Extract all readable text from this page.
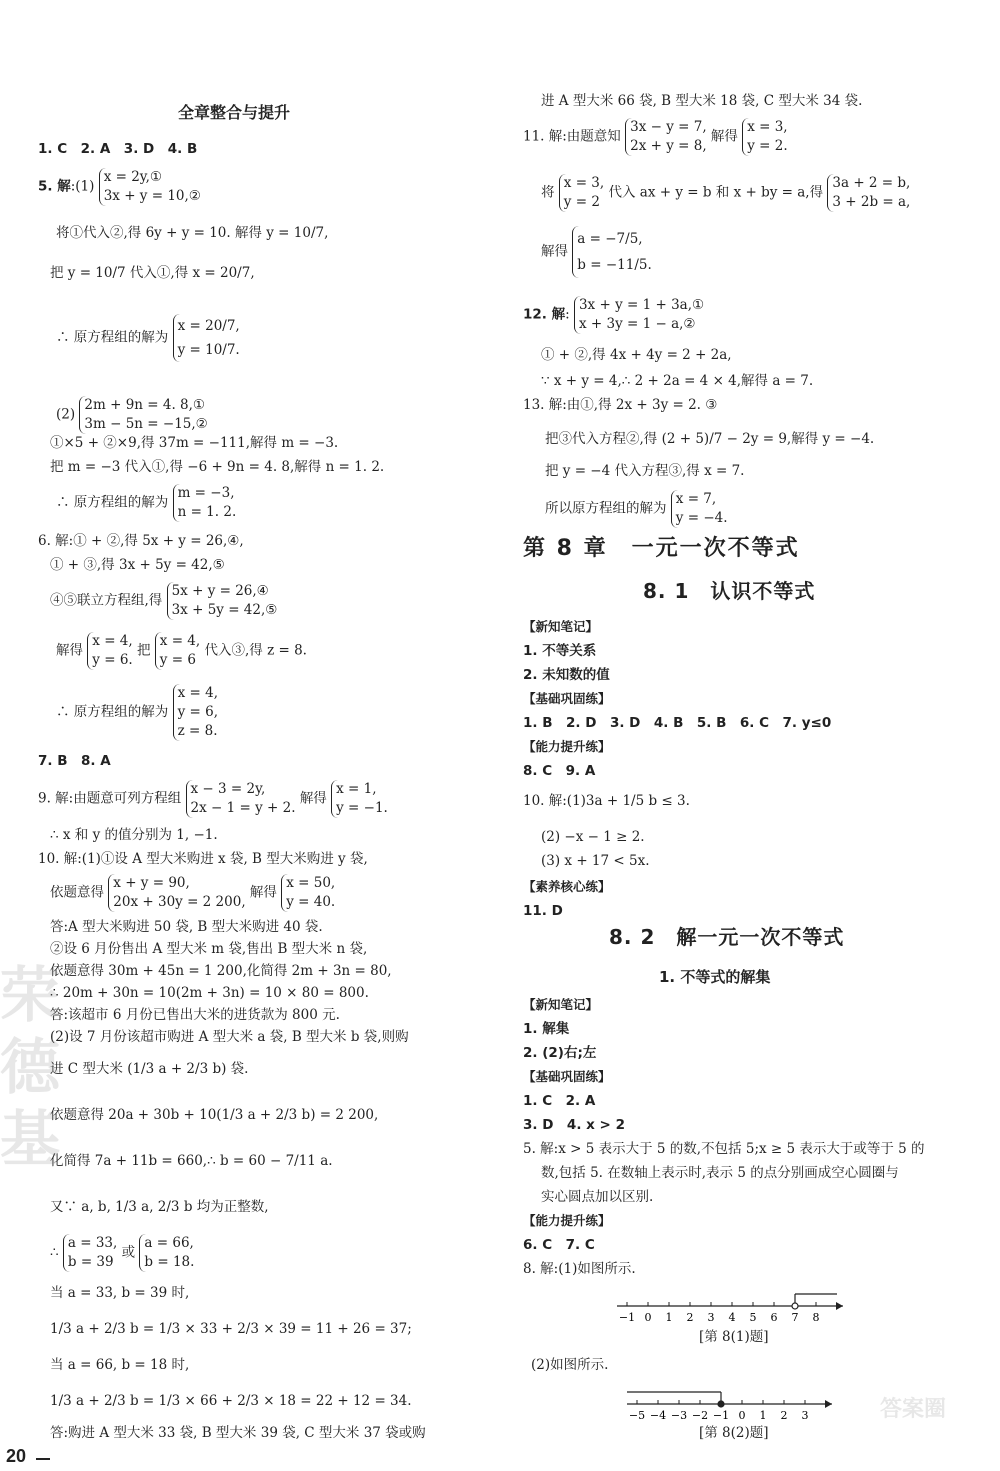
全章整合与提升
1. C　2. A　3. D　4. B
5. 解:(1) x = 2y,①
3x + y = 10,②
将①代入②,得 6y + y = 10. 解得 y = 10/7,
把 y = 10/7 代入①,得 x = 20/7,
∴ 原方程组的解为 x = 20/7,
y = 10/7.
(2) 2m + 9n = 4. 8,①
3m − 5n = −15,②
①×5 + ②×9,得 37m = −111,解得 m = −3.
把 m = −3 代入①,得 −6 + 9n = 4. 8,解得 n = 1. 2.
∴ 原方程组的解为 m = −3,
n = 1. 2.
6. 解:① + ②,得 5x + y = 26,④,
① + ③,得 3x + 5y = 42,⑤
④⑤联立方程组,得 5x + y = 26,④
3x + 5y = 42,⑤
解得 x = 4,
y = 6. 把 x = 4,
y = 6 代入③,得 z = 8.
∴ 原方程组的解为 x = 4,
y = 6,
z = 8.
7. B　8. A
9. 解:由题意可列方程组 x − 3 = 2y,
2x − 1 = y + 2. 解得 x = 1,
y = −1.
∴ x 和 y 的值分别为 1, −1.
10. 解:(1)①设 A 型大米购进 x 袋, B 型大米购进 y 袋,
依题意得 x + y = 90,
20x + 30y = 2 200, 解得 x = 50,
y = 40.
答:A 型大米购进 50 袋, B 型大米购进 40 袋.
②设 6 月份售出 A 型大米 m 袋,售出 B 型大米 n 袋,
依题意得 30m + 45n = 1 200,化简得 2m + 3n = 80,
∴ 20m + 30n = 10(2m + 3n) = 10 × 80 = 800.
答:该超市 6 月份已售出大米的进货款为 800 元.
(2)设 7 月份该超市购进 A 型大米 a 袋, B 型大米 b 袋,则购
进 C 型大米 (1/3 a + 2/3 b) 袋.
依题意得 20a + 30b + 10(1/3 a + 2/3 b) = 2 200,
化简得 7a + 11b = 660,∴ b = 60 − 7/11 a.
又∵ a, b, 1/3 a, 2/3 b 均为正整数,
∴ a = 33,
b = 39 或 a = 66,
b = 18.
当 a = 33, b = 39 时,
1/3 a + 2/3 b = 1/3 × 33 + 2/3 × 39 = 11 + 26 = 37;
当 a = 66, b = 18 时,
1/3 a + 2/3 b = 1/3 × 66 + 2/3 × 18 = 22 + 12 = 34.
答:购进 A 型大米 33 袋, B 型大米 39 袋, C 型大米 37 袋或购
进 A 型大米 66 袋, B 型大米 18 袋, C 型大米 34 袋.
11. 解:由题意知 3x − y = 7,
2x + y = 8, 解得 x = 3,
y = 2.
将 x = 3,
y = 2 代入 ax + y = b 和 x + by = a,得 3a + 2 = b,
3 + 2b = a,
解得 a = −7/5,
b = −11/5.
12. 解: 3x + y = 1 + 3a,①
x + 3y = 1 − a,②
① + ②,得 4x + 4y = 2 + 2a,
∵ x + y = 4,∴ 2 + 2a = 4 × 4,解得 a = 7.
13. 解:由①,得 2x + 3y = 2. ③
把③代入方程②,得 (2 + 5)/7 − 2y = 9,解得 y = −4.
把 y = −4 代入方程③,得 x = 7.
所以原方程组的解为 x = 7,
y = −4.
第 8 章　一元一次不等式
8. 1　认识不等式
【新知笔记】
1. 不等关系
2. 未知数的值
【基础巩固练】
1. B　2. D　3. D　4. B　5. B　6. C　7. y≤0
【能力提升练】
8. C　9. A
10. 解:(1)3a + 1/5 b ≤ 3.
(2) −x − 1 ≥ 2.
(3) x + 17 < 5x.
【素养核心练】
11. D
8. 2　解一元一次不等式
1. 不等式的解集
【新知笔记】
1. 解集
2. (2)右;左
【基础巩固练】
1. C　2. A
3. D　4. x > 2
5. 解:x > 5 表示大于 5 的数,不包括 5;x ≥ 5 表示大于或等于 5 的
数,包括 5. 在数轴上表示时,表示 5 的点分别画成空心圆圈与
实心圆点加以区别.
【能力提升练】
6. C　7. C
8. 解:(1)如图所示.
−1 0 1 2 3 4 5 6 7 8
[第 8(1)题]
(2)如图所示.
−5 −4 −3 −2 −1 0 1 2 3
[第 8(2)题]
荣
德
基
答案圈
20
